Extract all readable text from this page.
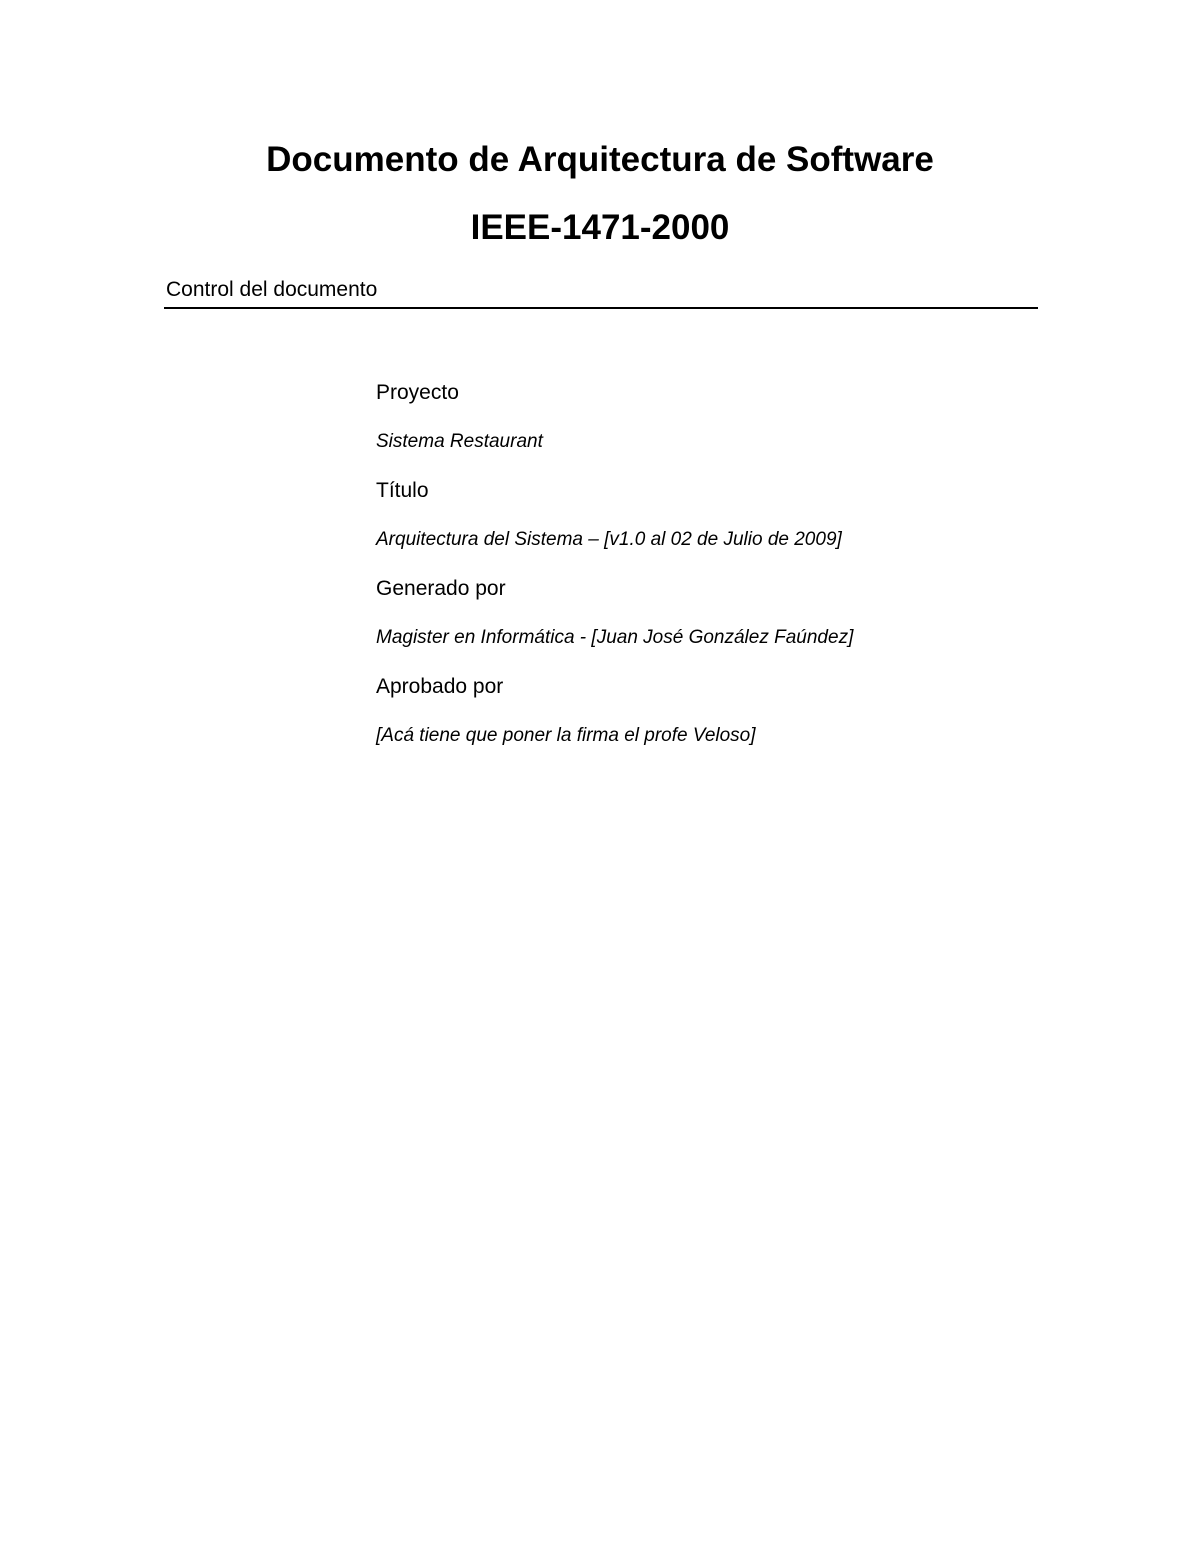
Documento de Arquitectura de Software
IEEE-1471-2000
Control del documento
Proyecto
Sistema Restaurant
Título
Arquitectura del Sistema – [v1.0 al 02 de Julio de 2009]
Generado por
Magister en Informática - [Juan José González Faúndez]
Aprobado por
[Acá tiene que poner la firma el profe Veloso]
